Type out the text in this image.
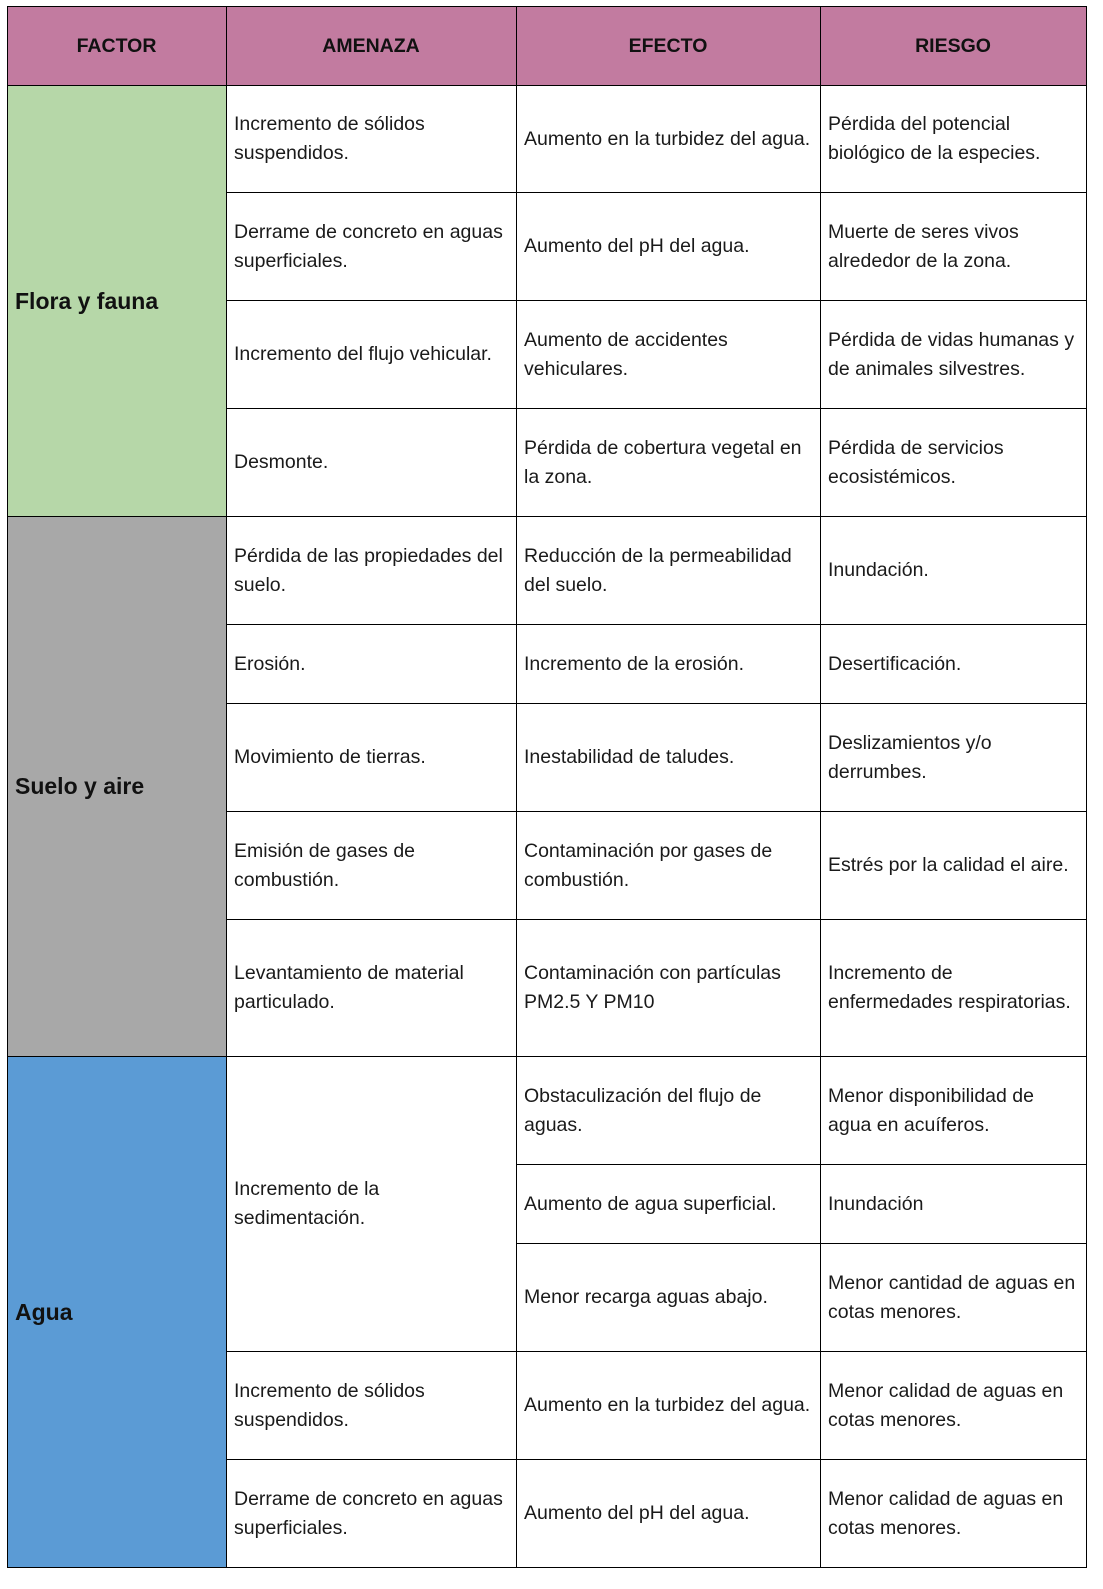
FACTOR	AMENAZA	EFECTO	RIESGO
Flora y fauna	Incremento de sólidos suspendidos.	Aumento en la turbidez del agua.	Pérdida del potencial biológico de la especies.
	Derrame de concreto en aguas superficiales.	Aumento del pH del agua.	Muerte de seres vivos alrededor de la zona.
	Incremento del flujo vehicular.	Aumento de accidentes vehiculares.	Pérdida de vidas humanas y de animales silvestres.
	Desmonte.	Pérdida de cobertura vegetal en la zona.	Pérdida de servicios ecosistémicos.
Suelo y aire	Pérdida de las propiedades del suelo.	Reducción de la permeabilidad del suelo.	Inundación.
	Erosión.	Incremento de la erosión.	Desertificación.
	Movimiento de tierras.	Inestabilidad de taludes.	Deslizamientos y/o derrumbes.
	Emisión de gases de combustión.	Contaminación por gases de combustión.	Estrés por la calidad el aire.
	Levantamiento de material particulado.	Contaminación con partículas PM2.5 Y PM10	Incremento de enfermedades respiratorias.
Agua	Incremento de la sedimentación.	Obstaculización del flujo de aguas.	Menor disponibilidad de agua en acuíferos.
		Aumento de agua superficial.	Inundación
		Menor recarga aguas abajo.	Menor cantidad de aguas en cotas menores.
	Incremento de sólidos suspendidos.	Aumento en la turbidez del agua.	Menor calidad de aguas en cotas menores.
	Derrame de concreto en aguas superficiales.	Aumento del pH del agua.	Menor calidad de aguas en cotas menores.
